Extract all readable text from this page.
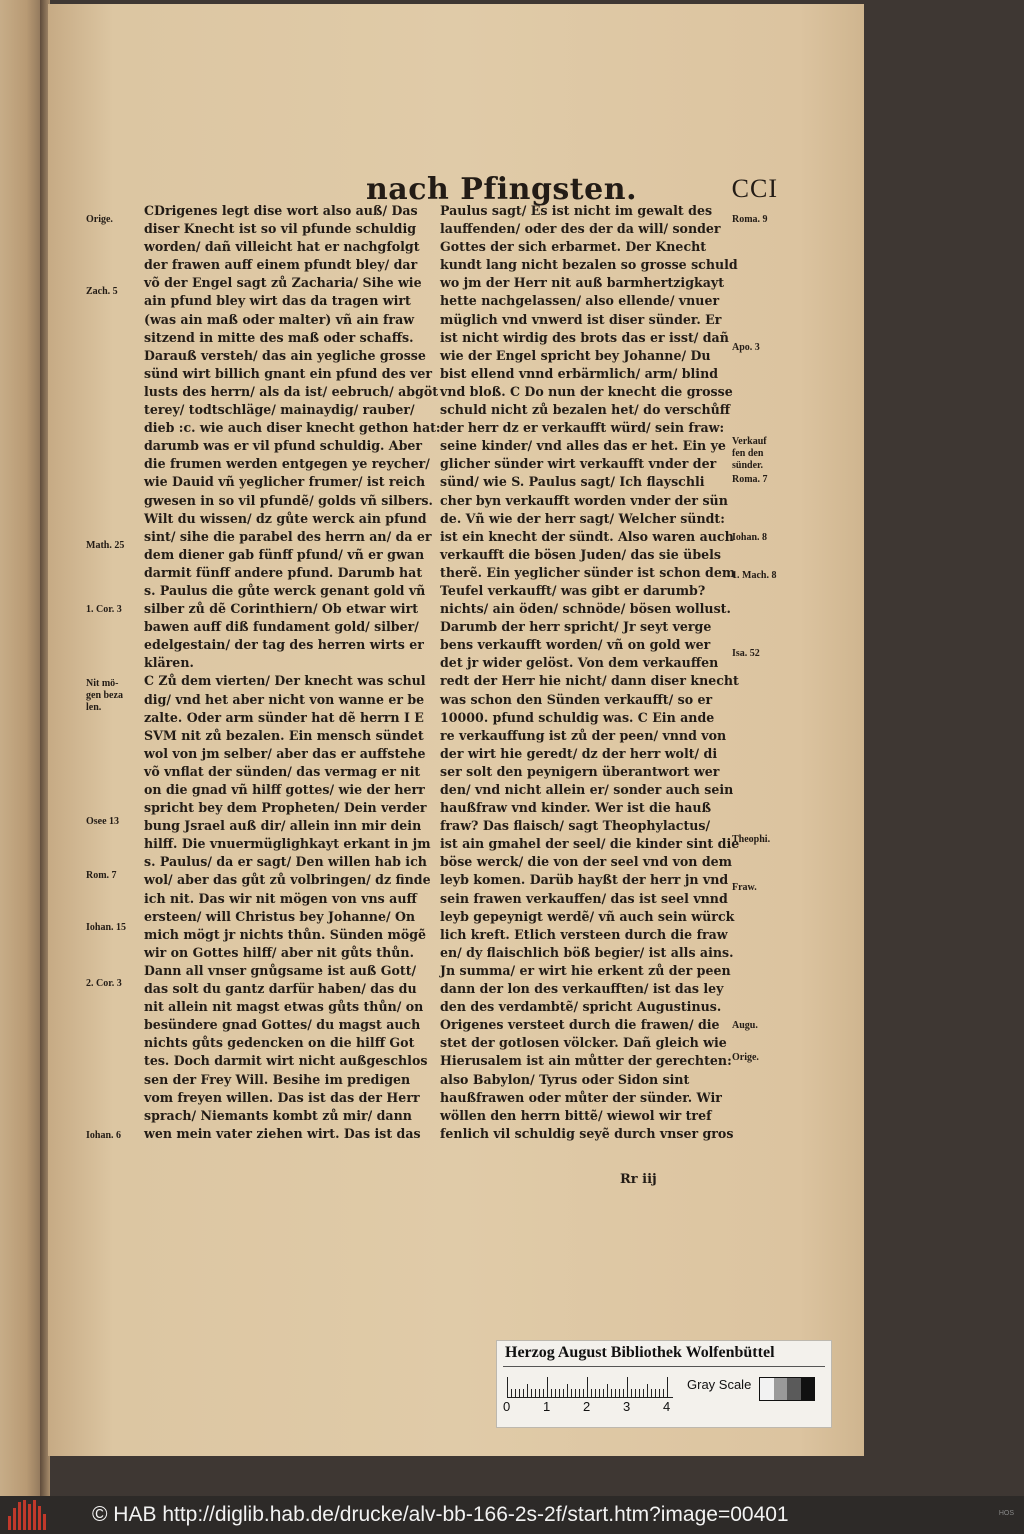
nach Pfingsten.	CCI
CDrigenes legt dise wort also auß/ Das
diser Knecht ist so vil pfunde schuldig
worden/ dañ villeicht hat er nachgfolgt
der frawen auff einem pfundt bley/ dar
võ der Engel sagt zů Zacharia/ Sihe wie
ain pfund bley wirt das da tragen wirt
(was ain maß oder malter) vñ ain fraw
sitzend in mitte des maß oder schaffs.
Darauß versteh/ das ain yegliche grosse
sünd wirt billich gnant ein pfund des ver
lusts des herrn/ als da ist/ eebruch/ abgöt
terey/ todtschläge/ mainaydig/ rauber/
dieb :c. wie auch diser knecht gethon hat:
darumb was er vil pfund schuldig. Aber
die frumen werden entgegen ye reycher/
wie Dauid vñ yeglicher frumer/ ist reich
gwesen in so vil pfundẽ/ golds vñ silbers.
Wilt du wissen/ dz gůte werck ain pfund
sint/ sihe die parabel des herrn an/ da er
dem diener gab fünff pfund/ vñ er gwan
darmit fünff andere pfund. Darumb hat
s. Paulus die gůte werck genant gold vñ
silber zů dẽ Corinthiern/ Ob etwar wirt
bawen auff diß fundament gold/ silber/
edelgestain/ der tag des herren wirts er
klären.
C Zů dem vierten/ Der knecht was schul
dig/ vnd het aber nicht von wanne er be
zalte. Oder arm sünder hat dẽ herrn I E
SVM nit zů bezalen. Ein mensch sündet
wol von jm selber/ aber das er auffstehe
võ vnflat der sünden/ das vermag er nit
on die gnad vñ hilff gottes/ wie der herr
spricht bey dem Propheten/ Dein verder
bung Jsrael auß dir/ allein inn mir dein
hilff. Die vnuermüglighkayt erkant in jm
s. Paulus/ da er sagt/ Den willen hab ich
wol/ aber das gůt zů volbringen/ dz finde
ich nit. Das wir nit mögen von vns auff
ersteen/ will Christus bey Johanne/ On
mich mögt jr nichts thůn. Sünden mögẽ
wir on Gottes hilff/ aber nit gůts thůn.
Dann all vnser gnůgsame ist auß Gott/
das solt du gantz darfür haben/ das du
nit allein nit magst etwas gůts thůn/ on
besündere gnad Gottes/ du magst auch
nichts gůts gedencken on die hilff Got
tes. Doch darmit wirt nicht außgeschlos
sen der Frey Will. Besihe im predigen
vom freyen willen. Das ist das der Herr
sprach/ Niemants kombt zů mir/ dann
wen mein vater ziehen wirt. Das ist das
Paulus sagt/ Es ist nicht im gewalt des
lauffenden/ oder des der da will/ sonder
Gottes der sich erbarmet. Der Knecht
kundt lang nicht bezalen so grosse schuld
wo jm der Herr nit auß barmhertzigkayt
hette nachgelassen/ also ellende/ vnuer
müglich vnd vnwerd ist diser sünder. Er
ist nicht wirdig des brots das er isst/ dañ
wie der Engel spricht bey Johanne/ Du
bist ellend vnnd erbärmlich/ arm/ blind
vnd bloß. C Do nun der knecht die grosse
schuld nicht zů bezalen het/ do verschůff
der herr dz er verkaufft würd/ sein fraw:
seine kinder/ vnd alles das er het. Ein ye
glicher sünder wirt verkaufft vnder der
sünd/ wie S. Paulus sagt/ Ich flayschli
cher byn verkaufft worden vnder der sün
de. Vñ wie der herr sagt/ Welcher sündt:
ist ein knecht der sündt. Also waren auch
verkaufft die bösen Juden/ das sie übels
therẽ. Ein yeglicher sünder ist schon dem
Teufel verkaufft/ was gibt er darumb?
nichts/ ain öden/ schnöde/ bösen wollust.
Darumb der herr spricht/ Jr seyt verge
bens verkaufft worden/ vñ on gold wer
det jr wider gelöst. Von dem verkauffen
redt der Herr hie nicht/ dann diser knecht
was schon den Sünden verkaufft/ so er
10000. pfund schuldig was. C Ein ande
re verkauffung ist zů der peen/ vnnd von
der wirt hie geredt/ dz der herr wolt/ di
ser solt den peynigern überantwort wer
den/ vnd nicht allein er/ sonder auch sein
haußfraw vnd kinder. Wer ist die hauß
fraw? Das flaisch/ sagt Theophylactus/
ist ain gmahel der seel/ die kinder sint die
böse werck/ die von der seel vnd von dem
leyb komen. Darüb hayßt der herr jn vnd
sein frawen verkauffen/ das ist seel vnnd
leyb gepeynigt werdẽ/ vñ auch sein würck
lich kreft. Etlich versteen durch die fraw
en/ dy flaischlich böß begier/ ist alls ains.
Jn summa/ er wirt hie erkent zů der peen
dann der lon des verkaufften/ ist das ley
den des verdambtẽ/ spricht Augustinus.
Origenes versteet durch die frawen/ die
stet der gotlosen völcker. Dañ gleich wie
Hierusalem ist ain můtter der gerechten:
also Babylon/ Tyrus oder Sidon sint
haußfrawen oder můter der sünder. Wir
wöllen den herrn bittẽ/ wiewol wir tref
fenlich vil schuldig seyẽ durch vnser gros
Orige.
Zach. 5
Math. 25
1. Cor. 3
Nit mö-
gen beza
len.
Osee 13
Rom. 7
Iohan. 15
2. Cor. 3
Iohan. 6
Roma. 9
Apo. 3
Verkauf
fen den
sünder.
Roma. 7
Iohan. 8
1. Mach. 8
Isa. 52
Theophi.
Fraw.
Augu.
Orige.
Rr iij
Herzog August Bibliothek Wolfenbüttel
0	1	2	3	4
Gray Scale
© HAB http://diglib.hab.de/drucke/alv-bb-166-2s-2f/start.htm?image=00401	HOS
